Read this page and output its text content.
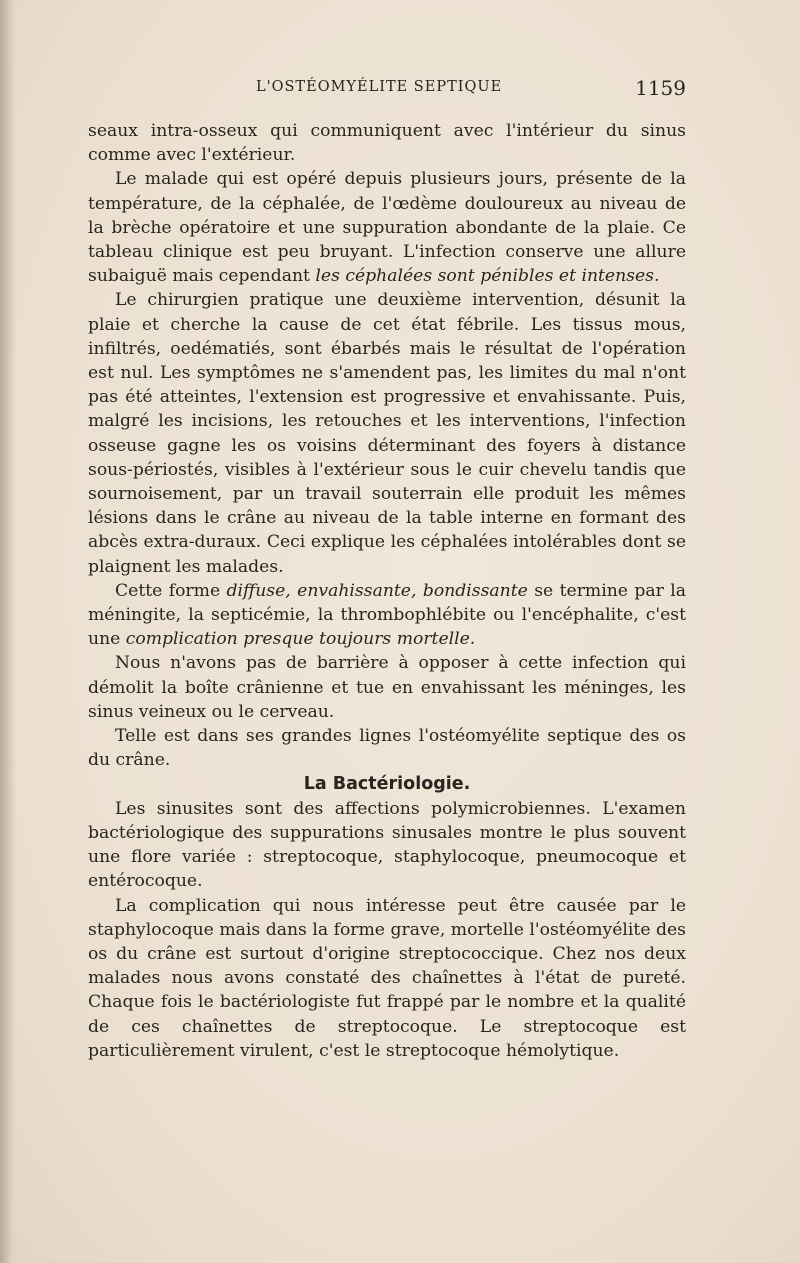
L'OSTÉOMYÉLITE SEPTIQUE	1159

seaux intra-osseux qui communiquent avec l'intérieur du sinus comme avec l'extérieur.

Le malade qui est opéré depuis plusieurs jours, présente de la température, de la céphalée, de l'œdème douloureux au niveau de la brèche opératoire et une suppuration abondante de la plaie. Ce tableau clinique est peu bruyant. L'infection conserve une allure subaiguë mais cependant les céphalées sont pénibles et intenses.

Le chirurgien pratique une deuxième intervention, désunit la plaie et cherche la cause de cet état fébrile. Les tissus mous, infiltrés, oedématiés, sont ébarbés mais le résultat de l'opération est nul. Les symptômes ne s'amendent pas, les limites du mal n'ont pas été atteintes, l'extension est progressive et envahissante. Puis, malgré les incisions, les retouches et les interventions, l'infection osseuse gagne les os voisins déterminant des foyers à distance sous-périostés, visibles à l'extérieur sous le cuir chevelu tandis que sournoisement, par un travail souterrain elle produit les mêmes lésions dans le crâne au niveau de la table interne en formant des abcès extra-duraux. Ceci explique les céphalées intolérables dont se plaignent les malades.

Cette forme diffuse, envahissante, bondissante se termine par la méningite, la septicémie, la thrombophlébite ou l'encéphalite, c'est une complication presque toujours mortelle.

Nous n'avons pas de barrière à opposer à cette infection qui démolit la boîte crânienne et tue en envahissant les méninges, les sinus veineux ou le cerveau.

Telle est dans ses grandes lignes l'ostéomyélite septique des os du crâne.

La Bactériologie.

Les sinusites sont des affections polymicrobiennes. L'examen bactériologique des suppurations sinusales montre le plus souvent une flore variée : streptocoque, staphylocoque, pneumocoque et entérocoque.

La complication qui nous intéresse peut être causée par le staphylocoque mais dans la forme grave, mortelle l'ostéomyélite des os du crâne est surtout d'origine streptococcique. Chez nos deux malades nous avons constaté des chaînettes à l'état de pureté. Chaque fois le bactériologiste fut frappé par le nombre et la qualité de ces chaînettes de streptocoque. Le streptocoque est particulièrement virulent, c'est le streptocoque hémolytique.
